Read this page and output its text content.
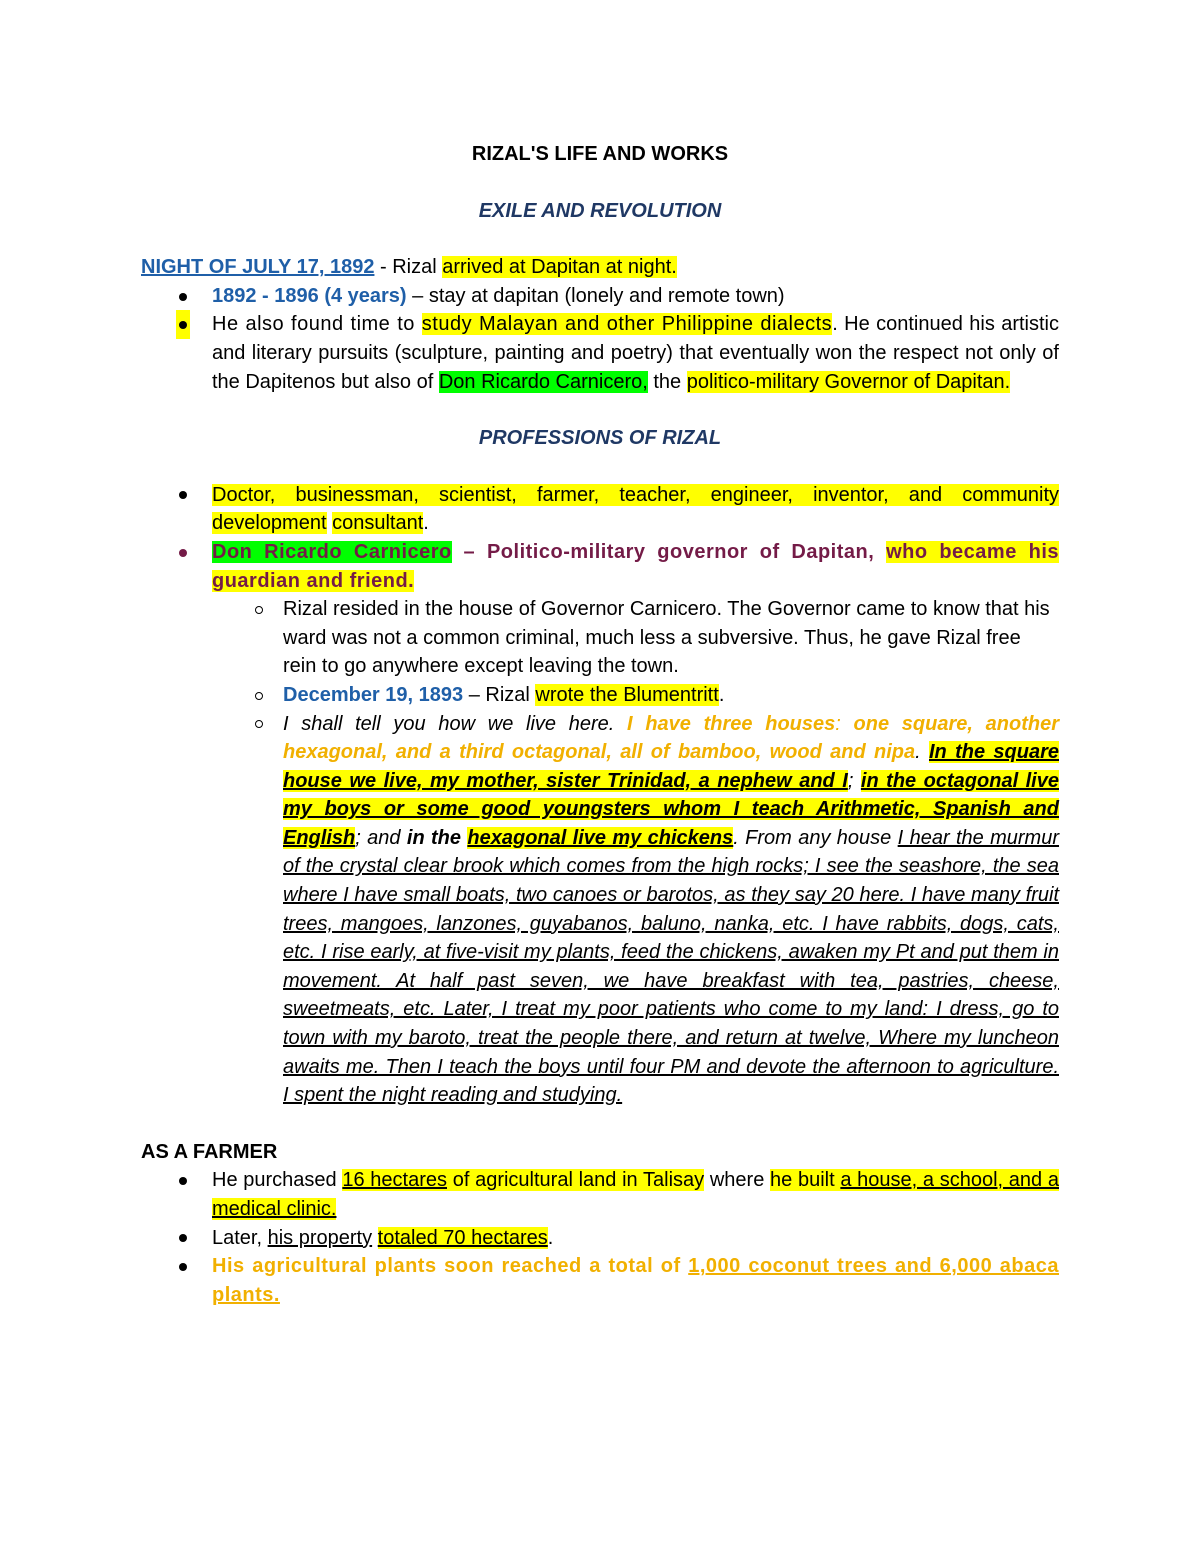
RIZAL'S LIFE AND WORKS

EXILE AND REVOLUTION

NIGHT OF JULY 17, 1892 - Rizal arrived at Dapitan at night.

1892 - 1896 (4 years) – stay at dapitan (lonely and remote town)
He also found time to study Malayan and other Philippine dialects. He continued his artistic and literary pursuits (sculpture, painting and poetry) that eventually won the respect not only of the Dapitenos but also of Don Ricardo Carnicero, the politico-military Governor of Dapitan.

PROFESSIONS OF RIZAL

Doctor, businessman, scientist, farmer, teacher, engineer, inventor, and community development consultant.
Don Ricardo Carnicero – Politico-military governor of Dapitan, who became his guardian and friend.
Rizal resided in the house of Governor Carnicero. The Governor came to know that his ward was not a common criminal, much less a subversive. Thus, he gave Rizal free rein to go anywhere except leaving the town.
December 19, 1893 – Rizal wrote the Blumentritt.
I shall tell you how we live here. I have three houses: one square, another hexagonal, and a third octagonal, all of bamboo, wood and nipa. In the square house we live, my mother, sister Trinidad, a nephew and I; in the octagonal live my boys or some good youngsters whom I teach Arithmetic, Spanish and English; and in the hexagonal live my chickens. From any house I hear the murmur of the crystal clear brook which comes from the high rocks; I see the seashore, the sea where I have small boats, two canoes or barotos, as they say 20 here. I have many fruit trees, mangoes, lanzones, guyabanos, baluno, nanka, etc. I have rabbits, dogs, cats, etc. I rise early, at five-visit my plants, feed the chickens, awaken my Pt and put them in movement. At half past seven, we have breakfast with tea, pastries, cheese, sweetmeats, etc. Later, I treat my poor patients who come to my land: I dress, go to town with my baroto, treat the people there, and return at twelve, Where my luncheon awaits me. Then I teach the boys until four PM and devote the afternoon to agriculture. I spent the night reading and studying.

AS A FARMER

He purchased 16 hectares of agricultural land in Talisay where he built a house, a school, and a medical clinic.
Later, his property totaled 70 hectares.
His agricultural plants soon reached a total of 1,000 coconut trees and 6,000 abaca plants.
